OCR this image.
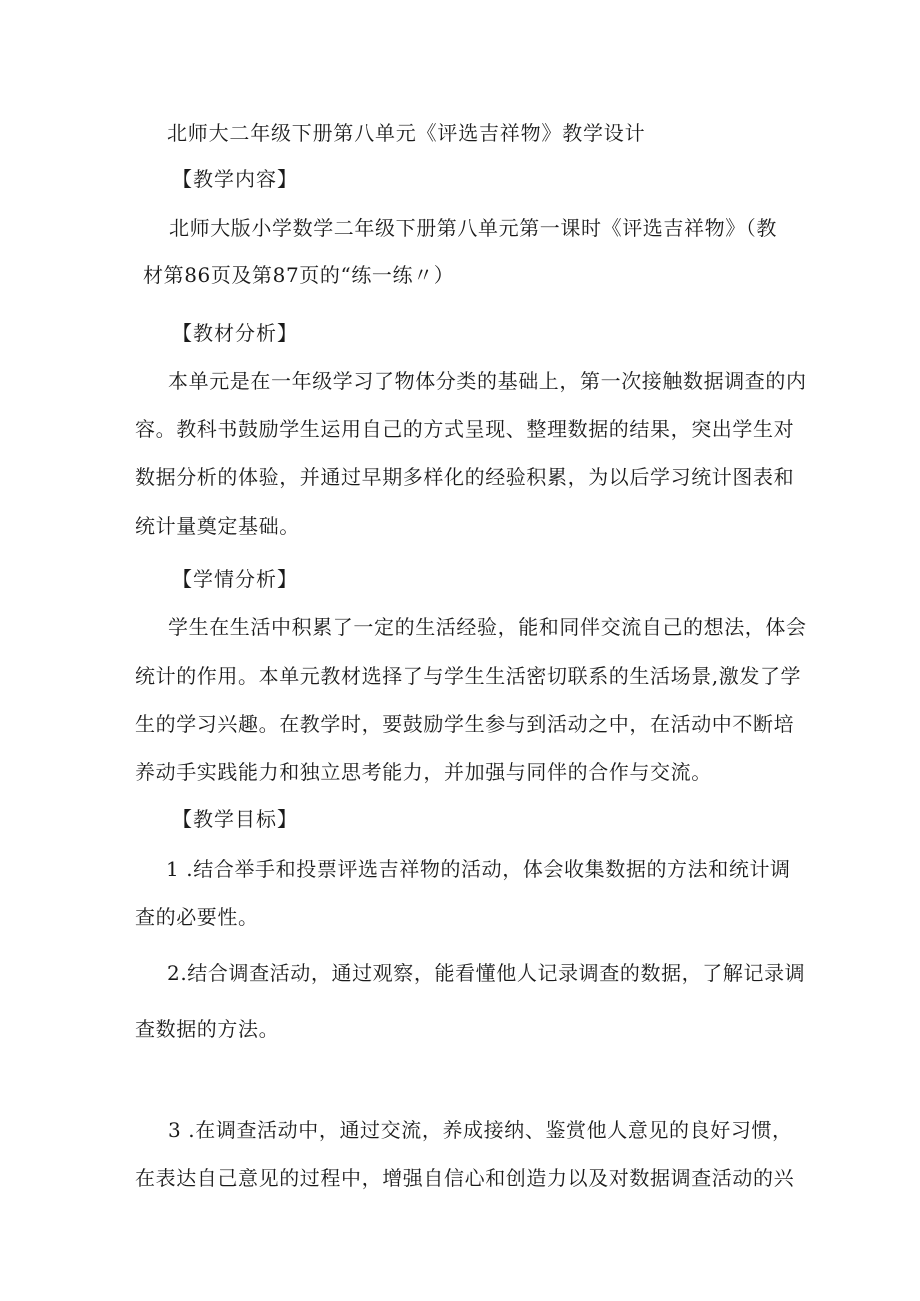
北师大二年级下册第八单元《评选吉祥物》教学设计
【教学内容】
北师大版小学数学二年级下册第八单元第一课时《评选吉祥物》（教
材第86页及第87页的“练一练〃）
【教材分析】
本单元是在一年级学习了物体分类的基础上，第一次接触数据调查的内
容。教科书鼓励学生运用自己的方式呈现、整理数据的结果，突出学生对
数据分析的体验，并通过早期多样化的经验积累，为以后学习统计图表和
统计量奠定基础。
【学情分析】
学生在生活中积累了一定的生活经验，能和同伴交流自己的想法，体会
统计的作用。本单元教材选择了与学生生活密切联系的生活场景,激发了学
生的学习兴趣。在教学时，要鼓励学生参与到活动之中，在活动中不断培
养动手实践能力和独立思考能力，并加强与同伴的合作与交流。
【教学目标】
1 .结合举手和投票评选吉祥物的活动，体会收集数据的方法和统计调
查的必要性。
2.结合调查活动，通过观察，能看懂他人记录调查的数据，了解记录调
查数据的方法。
3 .在调查活动中，通过交流，养成接纳、鉴赏他人意见的良好习惯，
在表达自己意见的过程中，增强自信心和创造力以及对数据调查活动的兴
